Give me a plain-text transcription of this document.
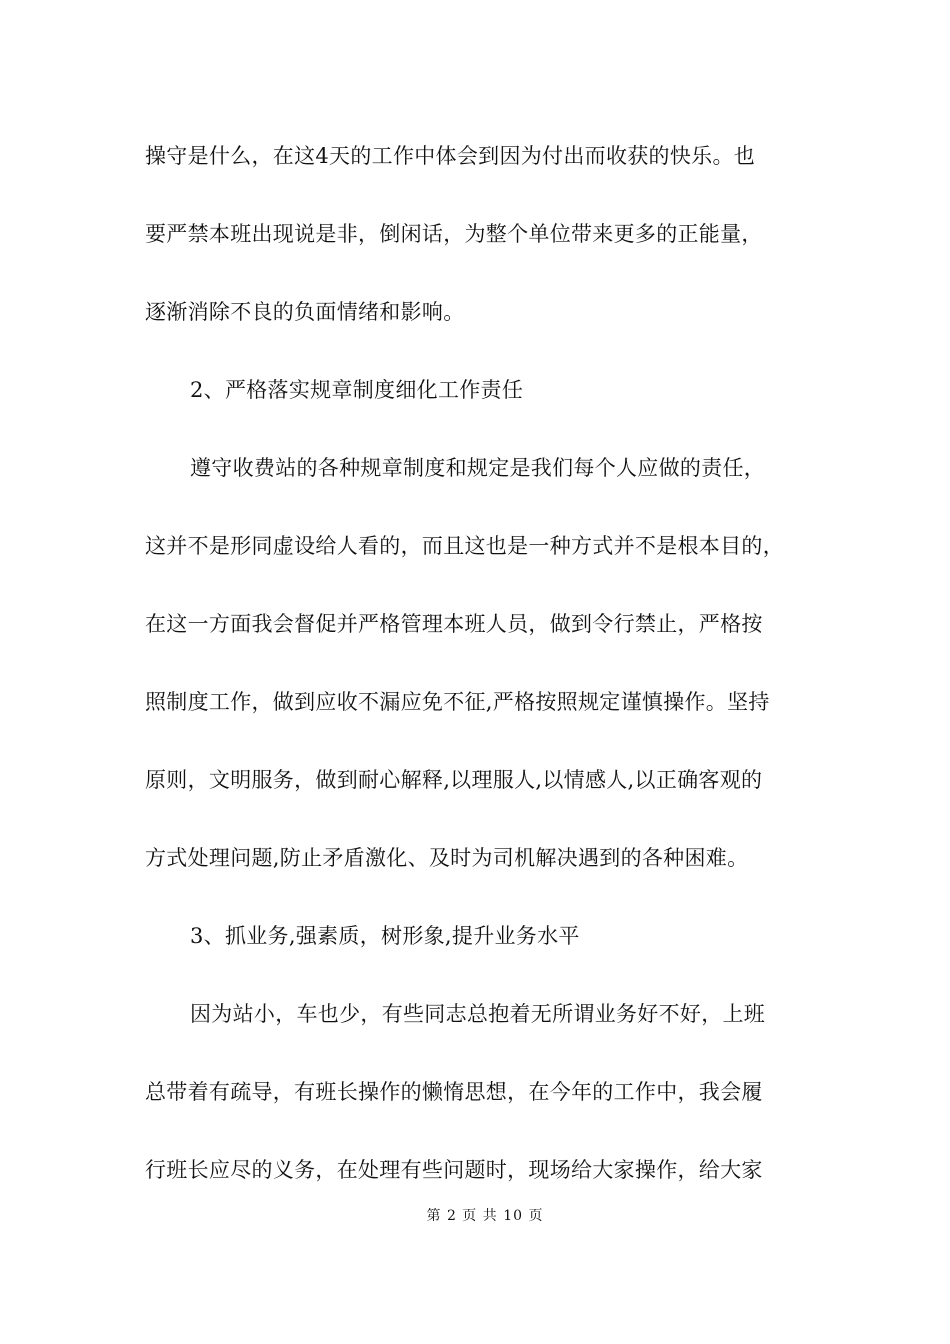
操守是什么，在这4天的工作中体会到因为付出而收获的快乐。也
要严禁本班出现说是非，倒闲话，为整个单位带来更多的正能量，
逐渐消除不良的负面情绪和影响。
2、严格落实规章制度细化工作责任
遵守收费站的各种规章制度和规定是我们每个人应做的责任，
这并不是形同虚设给人看的，而且这也是一种方式并不是根本目的，
在这一方面我会督促并严格管理本班人员，做到令行禁止，严格按
照制度工作，做到应收不漏应免不征,严格按照规定谨慎操作。坚持
原则，文明服务，做到耐心解释,以理服人,以情感人,以正确客观的
方式处理问题,防止矛盾激化、及时为司机解决遇到的各种困难。
3、抓业务,强素质，树形象,提升业务水平
因为站小，车也少，有些同志总抱着无所谓业务好不好，上班
总带着有疏导，有班长操作的懒惰思想，在今年的工作中，我会履
行班长应尽的义务，在处理有些问题时，现场给大家操作，给大家
第 2 页 共 10 页
